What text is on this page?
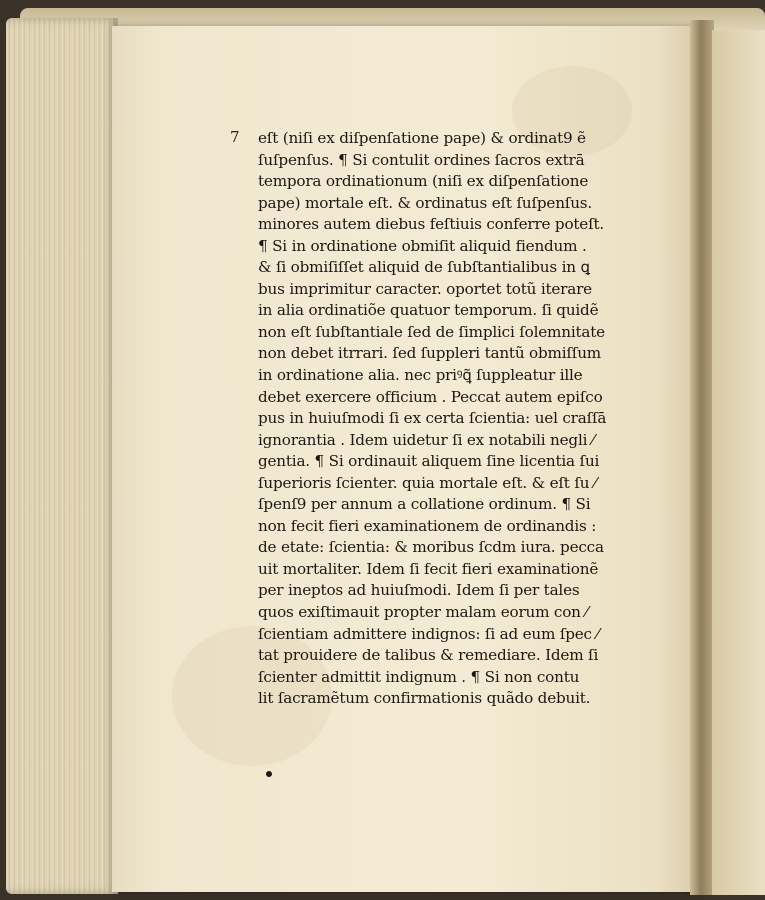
7 eſt (niſi ex diſpenſatione pape) & ordinat9 ẽ
ſuſpenſus. ¶ Si contulit ordines ſacros extrā
tempora ordinationum (niſi ex diſpenſatione
pape) mortale eſt. & ordinatus eſt ſuſpenſus.
minores autem diebus feſtiuis conferre poteſt.
¶ Si in ordinatione obmiſit aliquid fiendum .
& ſi obmiſiſſet aliquid de ſubſtantialibus in ꝗ
bus imprimitur caracter. oportet totũ iterare
in alia ordinatiõe quatuor temporum. ſi quidẽ
non eſt ſubſtantiale ſed de ſimplici ſolemnitate
non debet itrrari. ſed ſuppleri tantũ obmiſſum
in ordinatione alia. nec priꝰꝗ̃ ſuppleatur ille
debet exercere officium . Peccat autem epiſco
pus in huiuſmodi ſi ex certa ſcientia: uel craſſā
ignorantia . Idem uidetur ſi ex notabili negli ⁄
gentia. ¶ Si ordinauit aliquem ſine licentia ſui
ſuperioris ſcienter. quia mortale eſt. & eſt ſu ⁄
ſpenſ9 per annum a collatione ordinum. ¶ Si
non fecit fieri examinationem de ordinandis :
de etate: ſcientia: & moribus ſcdm iura. pecca
uit mortaliter. Idem ſi fecit fieri examinationẽ
per ineptos ad huiuſmodi. Idem ſi per tales
quos exiſtimauit propter malam eorum con ⁄
ſcientiam admittere indignos: ſi ad eum ſpec ⁄
tat prouidere de talibus & remediare. Idem ſi
ſcienter admittit indignum . ¶ Si non contu
lit ſacramẽtum confirmationis quãdo debuit.
